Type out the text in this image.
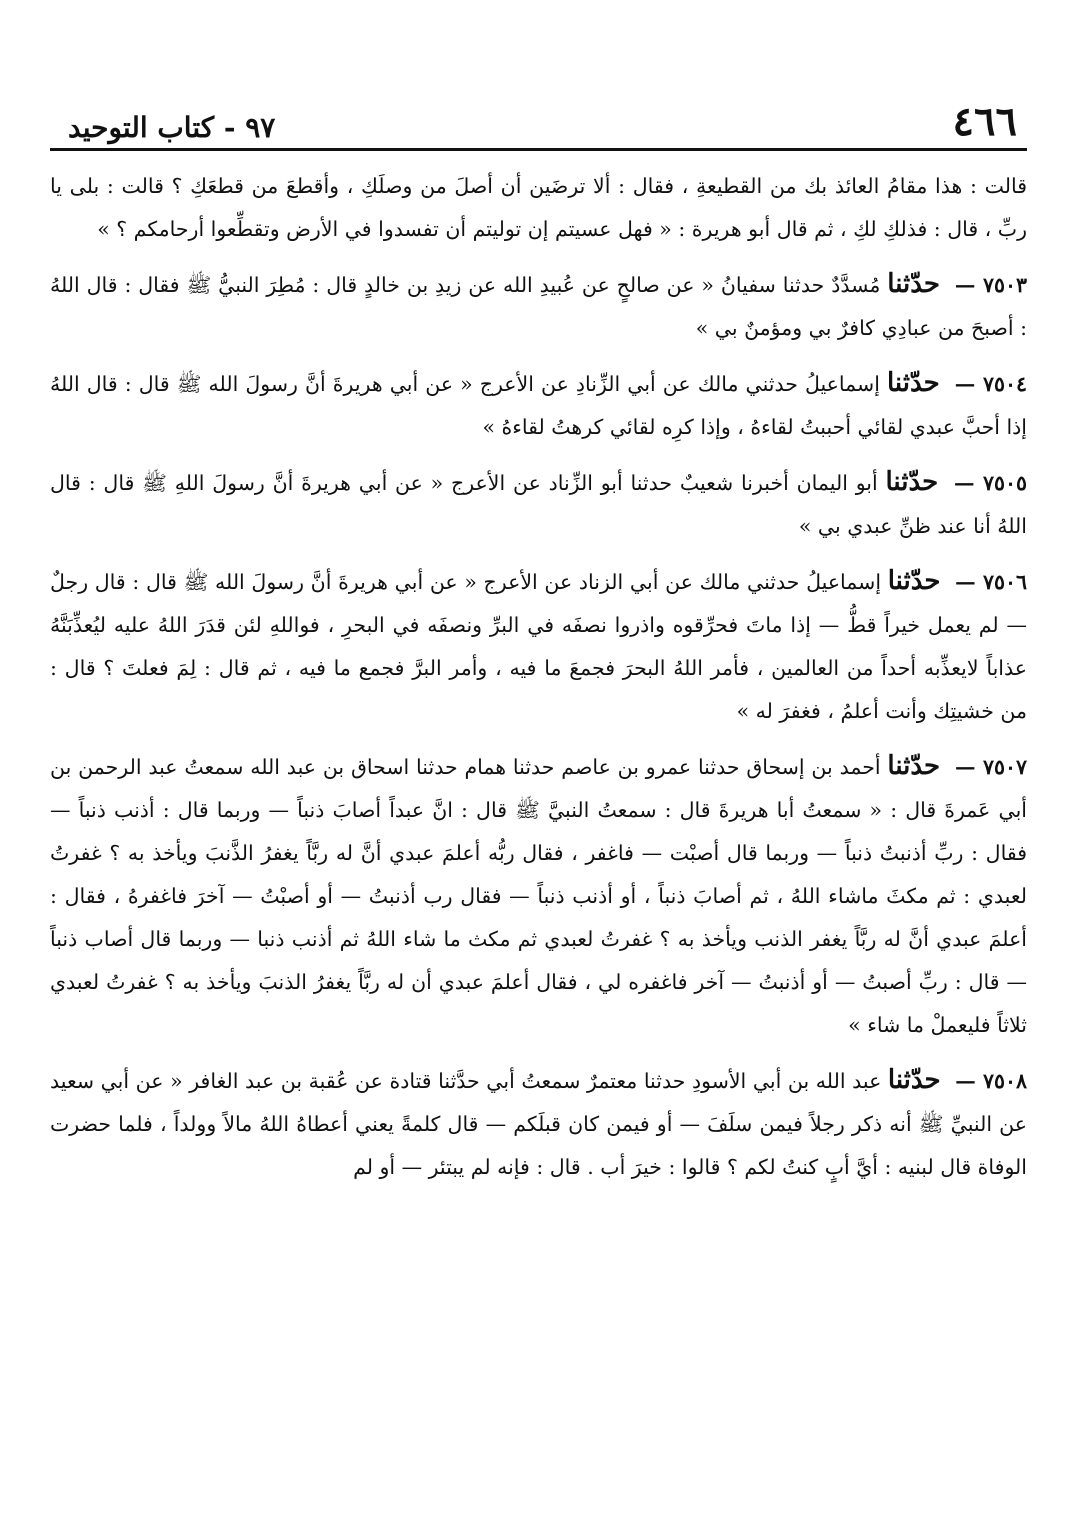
٤٦٦
٩٧ - كتاب التوحيد

قالت : هذا مقامُ العائذ بك من القطيعةِ ، فقال : ألا ترضَين أن أصلَ من وصلَكِ ، وأقطعَ من قطعَكِ ؟ قالت : بلى يا ربِّ ، قال : فذلكِ لكِ ، ثم قال أبو هريرة : « فهل عسيتم إن توليتم أن تفسدوا في الأرض وتقطِّعوا أرحامكم ؟ »

٧٥٠٣ — حدّثنا مُسدَّدٌ حدثنا سفيانُ « عن صالحٍ عن عُبيدِ الله عن زيدِ بن خالدٍ قال : مُطِرَ النبيُّ ﷺ فقال : قال اللهُ : أصبحَ من عبادِي كافرٌ بي ومؤمنٌ بي »

٧٥٠٤ — حدّثنا إسماعيلُ حدثني مالك عن أبي الزِّنادِ عن الأعرج « عن أبي هريرةَ أنَّ رسولَ الله ﷺ قال : قال اللهُ إذا أحبَّ عبدي لقائي أحببتُ لقاءهُ ، وإذا كرِه لقائي كرهتُ لقاءهُ »

٧٥٠٥ — حدّثنا أبو اليمان أخبرنا شعيبٌ حدثنا أبو الزِّناد عن الأعرج « عن أبي هريرةَ أنَّ رسولَ اللهِ ﷺ قال : قال اللهُ أنا عند ظنِّ عبدي بي »

٧٥٠٦ — حدّثنا إسماعيلُ حدثني مالك عن أبي الزناد عن الأعرج « عن أبي هريرةَ أنَّ رسولَ الله ﷺ قال : قال رجلٌ — لم يعمل خيراً قطُّ — إذا ماتَ فحرِّقوه واذروا نصفَه في البرِّ ونصفَه في البحرِ ، فواللهِ لئن قدَرَ اللهُ عليه ليُعذِّبَنَّهُ عذاباً لايعذِّبه أحداً من العالمين ، فأمر اللهُ البحرَ فجمعَ ما فيه ، وأمر البرَّ فجمع ما فيه ، ثم قال : لِمَ فعلتَ ؟ قال : من خشيتِك وأنت أعلمُ ، فغفرَ له »

٧٥٠٧ — حدّثنا أحمد بن إسحاق حدثنا عمرو بن عاصم حدثنا همام حدثنا اسحاق بن عبد الله سمعتُ عبد الرحمن بن أبي عَمرةَ قال : « سمعتُ أبا هريرةَ قال : سمعتُ النبيَّ ﷺ قال : انَّ عبداً أصابَ ذنباً — وربما قال : أذنب ذنباً — فقال : ربِّ أذنبتُ ذنباً — وربما قال أصبْت — فاغفر ، فقال ربُّه أعلمَ عبدي أنَّ له ربَّاً يغفرُ الذَّنبَ ويأخذ به ؟ غفرتُ لعبدي : ثم مكثَ ماشاء اللهُ ، ثم أصابَ ذنباً ، أو أذنب ذنباً — فقال رب أذنبتُ — أو أصبْتُ — آخرَ فاغفرهُ ، فقال : أعلمَ عبدي أنَّ له ربَّاً يغفر الذنب ويأخذ به ؟ غفرتُ لعبدي ثم مكث ما شاء اللهُ ثم أذنب ذنبا — وربما قال أصاب ذنباً — قال : ربِّ أصبتُ — أو أذنبتُ — آخر فاغفره لي ، فقال أعلمَ عبدي أن له ربَّاً يغفرُ الذنبَ ويأخذ به ؟ غفرتُ لعبدي ثلاثاً فليعملْ ما شاء »

٧٥٠٨ — حدّثنا عبد الله بن أبي الأسودِ حدثنا معتمرٌ سمعتُ أبي حدَّثنا قتادة عن عُقبة بن عبد الغافر « عن أبي سعيد عن النبيِّ ﷺ أنه ذكر رجلاً فيمن سلَفَ — أو فيمن كان قبلَكم — قال كلمةً يعني أعطاهُ اللهُ مالاً وولداً ، فلما حضرت الوفاة قال لبنيه : أيَّ أبٍ كنتُ لكم ؟ قالوا : خيرَ أب . قال : فإنه لم يبتئر — أو لم
